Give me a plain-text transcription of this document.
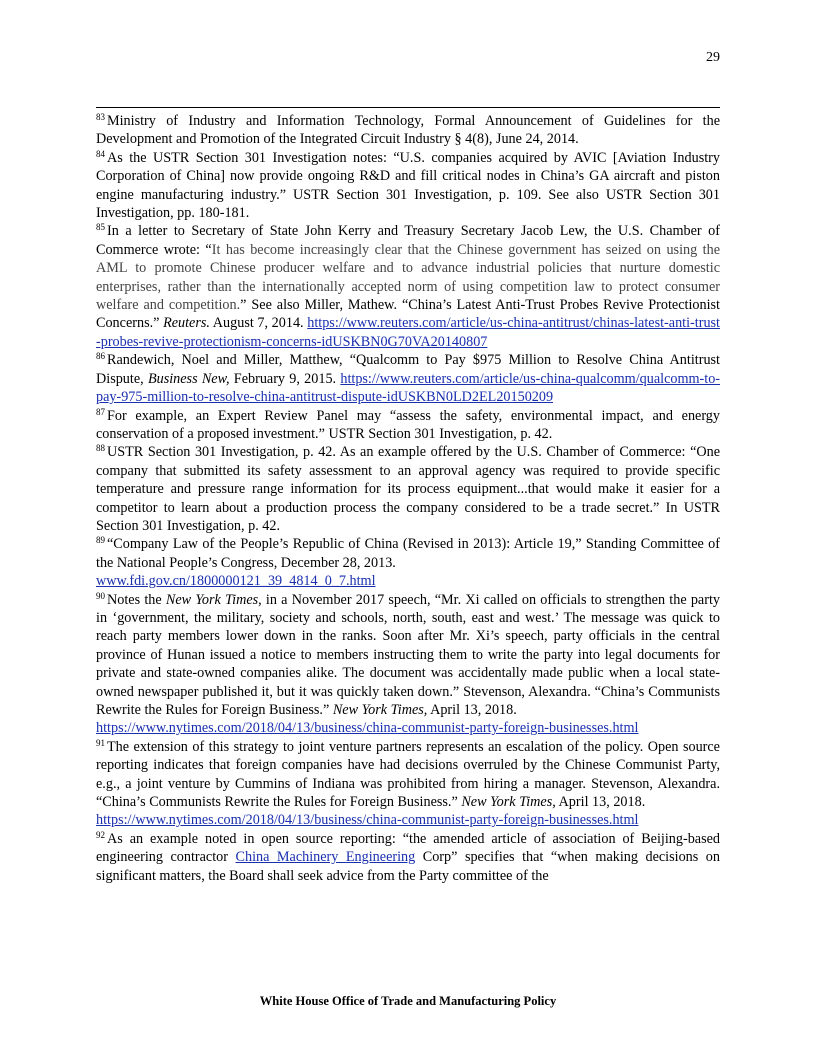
29

$^{83}$ Ministry of Industry and Information Technology, Formal Announcement of Guidelines for the Development and Promotion of the Integrated Circuit Industry § 4(8), June 24, 2014.

$^{84}$ As the USTR Section 301 Investigation notes: “U.S. companies acquired by AVIC [Aviation Industry Corporation of China] now provide ongoing R&D and fill critical nodes in China’s GA aircraft and piston engine manufacturing industry.” USTR Section 301 Investigation, p. 109. See also USTR Section 301 Investigation, pp. 180-181.

$^{85}$ In a letter to Secretary of State John Kerry and Treasury Secretary Jacob Lew, the U.S. Chamber of Commerce wrote: “It has become increasingly clear that the Chinese government has seized on using the AML to promote Chinese producer welfare and to advance industrial policies that nurture domestic enterprises, rather than the internationally accepted norm of using competition law to protect consumer welfare and competition.” See also Miller, Mathew. “China’s Latest Anti-Trust Probes Revive Protectionist Concerns.” Reuters. August 7, 2014. https://www.reuters.com/article/us-china-antitrust/chinas-latest-anti-trust-probes-revive-protectionism-concerns-idUSKBN0G70VA20140807

$^{86}$ Randewich, Noel and Miller, Matthew, “Qualcomm to Pay $975 Million to Resolve China Antitrust Dispute, Business New, February 9, 2015. https://www.reuters.com/article/us-china-qualcomm/qualcomm-to-pay-975-million-to-resolve-china-antitrust-dispute-idUSKBN0LD2EL20150209

$^{87}$ For example, an Expert Review Panel may “assess the safety, environmental impact, and energy conservation of a proposed investment.” USTR Section 301 Investigation, p. 42.

$^{88}$ USTR Section 301 Investigation, p. 42. As an example offered by the U.S. Chamber of Commerce: “One company that submitted its safety assessment to an approval agency was required to provide specific temperature and pressure range information for its process equipment...that would make it easier for a competitor to learn about a production process the company considered to be a trade secret.” In USTR Section 301 Investigation, p. 42.

$^{89}$ “Company Law of the People’s Republic of China (Revised in 2013): Article 19,” Standing Committee of the National People’s Congress, December 28, 2013.
www.fdi.gov.cn/1800000121_39_4814_0_7.html

$^{90}$ Notes the New York Times, in a November 2017 speech, “Mr. Xi called on officials to strengthen the party in ‘government, the military, society and schools, north, south, east and west.’ The message was quick to reach party members lower down in the ranks. Soon after Mr. Xi’s speech, party officials in the central province of Hunan issued a notice to members instructing them to write the party into legal documents for private and state-owned companies alike. The document was accidentally made public when a local state-owned newspaper published it, but it was quickly taken down.” Stevenson, Alexandra. “China’s Communists Rewrite the Rules for Foreign Business.” New York Times, April 13, 2018.
https://www.nytimes.com/2018/04/13/business/china-communist-party-foreign-businesses.html

$^{91}$ The extension of this strategy to joint venture partners represents an escalation of the policy. Open source reporting indicates that foreign companies have had decisions overruled by the Chinese Communist Party, e.g., a joint venture by Cummins of Indiana was prohibited from hiring a manager. Stevenson, Alexandra. “China’s Communists Rewrite the Rules for Foreign Business.” New York Times, April 13, 2018.
https://www.nytimes.com/2018/04/13/business/china-communist-party-foreign-businesses.html

$^{92}$ As an example noted in open source reporting: “the amended article of association of Beijing-based engineering contractor China Machinery Engineering Corp” specifies that “when making decisions on significant matters, the Board shall seek advice from the Party committee of the

White House Office of Trade and Manufacturing Policy
